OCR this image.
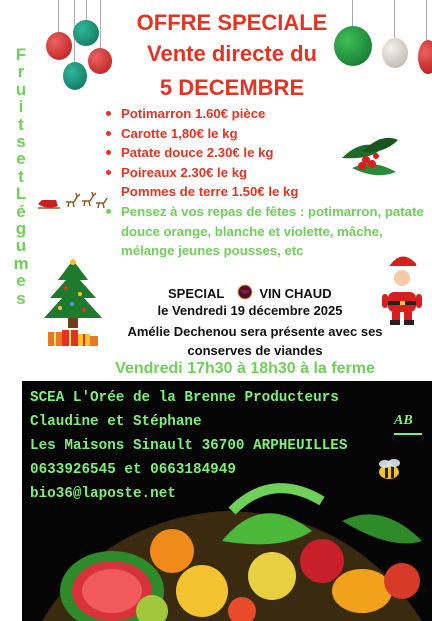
OFFRE SPECIALE
Vente directe du
5 DECEMBRE
F
r
u
i
t
s
e
t
L
é
g
u
m
e
s
Potimarron 1.60€ pièce
Carotte 1,80€ le kg
Patate douce 2.30€ le kg
Poireaux 2.30€ le kg
Pommes de terre 1.50€ le kg
Pensez à vos repas de fêtes : potimarron, patate douce orange, blanche et violette, mâche, mélange jeunes pousses, etc
SPECIAL	VIN CHAUD
le Vendredi 19 décembre 2025
Amélie Dechenou sera présente avec ses conserves de viandes
Vendredi 17h30 à 18h30 à la ferme
AB
SCEA L'Orée de la Brenne Producteurs
Claudine et Stéphane
Les Maisons Sinault 36700 ARPHEUILLES
0633926545 et 0663184949
bio36@laposte.net
